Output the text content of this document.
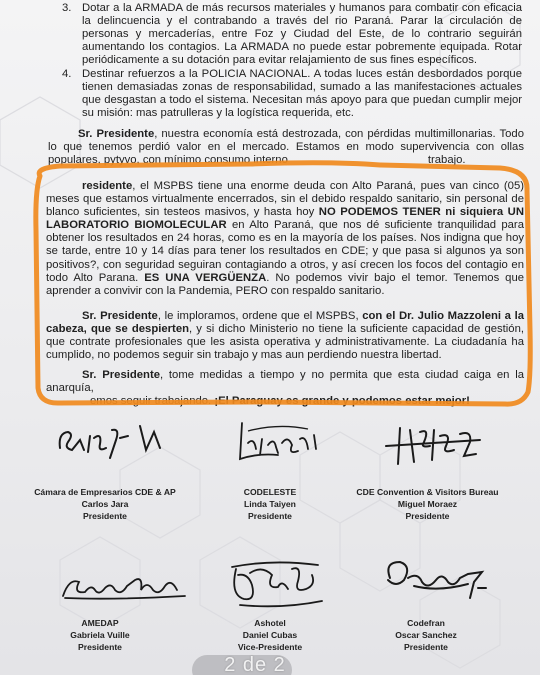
3. Dotar a la ARMADA de más recursos materiales y humanos para combatir con eficacia la delincuencia y el contrabando a través del rio Paraná. Parar la circulación de personas y mercaderías, entre Foz y Ciudad del Este, de lo contrario seguirán aumentando los contagios. La ARMADA no puede estar pobremente equipada. Rotar periódicamente a su dotación para evitar relajamiento de sus fines específicos.
4. Destinar refuerzos a la POLICIA NACIONAL. A todas luces están desbordados porque tienen demasiadas zonas de responsabilidad, sumado a las manifestaciones actuales que desgastan a todo el sistema. Necesitan más apoyo para que puedan cumplir mejor su misión: mas patrulleras y la logística requerida, etc.
Sr. Presidente, nuestra economía está destrozada, con pérdidas multimillonarias. Todo lo que tenemos perdió valor en el mercado. Estamos en modo supervivencia con ollas populares, pytyvo, con mínimo consumo interno	trabajo.
residente, el MSPBS tiene una enorme deuda con Alto Paraná, pues van cinco (05) meses que estamos virtualmente encerrados, sin el debido respaldo sanitario, sin personal de blanco suficientes, sin testeos masivos, y hasta hoy NO PODEMOS TENER ni siquiera UN LABORATORIO BIOMOLECULAR en Alto Paraná, que nos dé suficiente tranquilidad para obtener los resultados en 24 horas, como es en la mayoría de los países. Nos indigna que hoy se tarde, entre 10 y 14 días para tener los resultados en CDE; y que pasa si algunos ya son positivos?, con seguridad seguiran contagiando a otros, y así crecen los focos del contagio en todo Alto Parana. ES UNA VERGÜENZA. No podemos vivir bajo el temor. Tenemos que aprender a convivir con la Pandemia, PERO con respaldo sanitario.
Sr. Presidente, le imploramos, ordene que el MSPBS, con el Dr. Julio Mazzoleni a la cabeza, que se despierten, y si dicho Ministerio no tiene la suficiente capacidad de gestión, que contrate profesionales que les asista operativa y administrativamente. La ciudadanía ha cumplido, no podemos seguir sin trabajo y mas aun perdiendo nuestra libertad.
Sr. Presidente, tome medidas a tiempo y no permita que esta ciudad caiga en la anarquía,
emos seguir trabajando. ¡El Paraguay es grande y podemos estar mejor!
Cámara de Empresarios CDE & AP
Carlos Jara
Presidente
CODELESTE
Linda Taiyen
Presidente
CDE Convention & Visitors Bureau
Miguel Moraez
Presidente
AMEDAP
Gabriela Vuille
Presidente
Ashotel
Daniel Cubas
Vice-Presidente
Codefran
Oscar Sanchez
Presidente
2 de 2
